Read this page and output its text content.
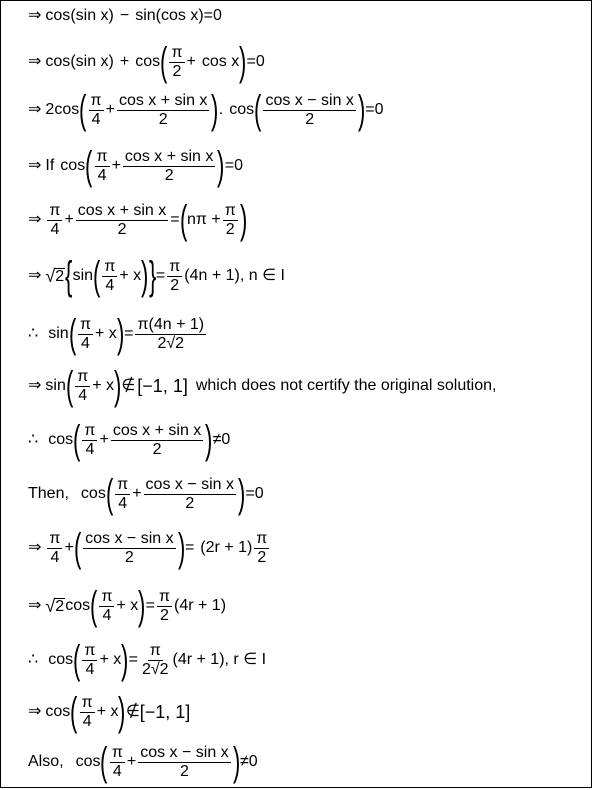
⇒ cos ( sin x ) − sin ( cos x ) = 0
⇒ cos ( sin x ) + cos ( $\frac{\pi}{2} + \cos x$ ) = 0
⇒ 2 cos ( $\frac{\pi}{4} + \frac{\text{cos x + sin x}}{2}$ ) . cos ( $\frac{\text{cos x − sin x}}{2}$ ) = 0
⇒ If cos ( $\frac{\pi}{4} + \frac{\text{cos x + sin x}}{2}$ ) = 0
⇒ $\frac{\pi}{4} + \frac{\text{cos x + sin x}}{2}$ = ( $n\pi + \frac{\pi}{2}$ )
⇒ √ 2 { sin ( $\frac{\pi}{4} + x$ ) } = $\frac{\pi}{2} (4n + 1)$, n ∈ I
∴ sin ( $\frac{\pi}{4} + x$ ) = $\frac{\pi(4n + 1)}{2√2}$
⇒ sin ( $\frac{\pi}{4} + x$ ) ∉ [−1, 1] which does not certify the original solution,
∴ cos ( $\frac{\pi}{4} + \frac{\text{cos x + sin x}}{2}$ ) ≠ 0
Then, cos ( $\frac{\pi}{4} + \frac{\text{cos x − sin x}}{2}$ ) = 0
⇒ $\frac{\pi}{4}$ + ( $\frac{\text{cos x − sin x}}{2}$ ) = $(2r + 1) \frac{\pi}{2}$
⇒ √ 2 cos ( $\frac{\pi}{4} + x$ ) = $\frac{\pi}{2} (4r + 1)$
∴ cos ( $\frac{\pi}{4} + x$ ) = $\frac{\pi}{2√2} (4r + 1)$, r ∈ I
⇒ cos ( $\frac{\pi}{4} + x$ ) ∉ [−1, 1]
Also, cos ( $\frac{\pi}{4} + \frac{\text{cos x − sin x}}{2}$ ) ≠ 0
